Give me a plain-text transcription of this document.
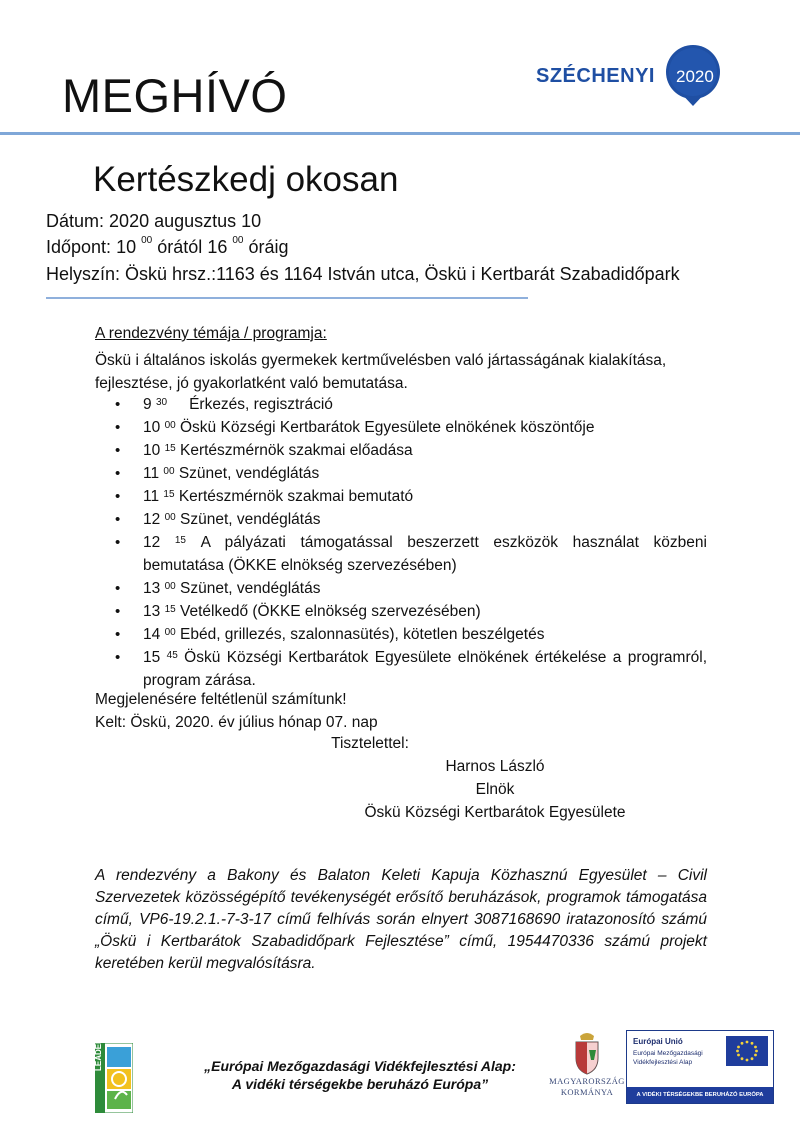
MEGHÍVÓ	SZÉCHENYI 2020
Kertészkedj okosan
Dátum: 2020 augusztus 10
Időpont: 10 $^{00}$ órától 16 $^{00}$ óráig
Helyszín: Öskü hrsz.:1163 és 1164 István utca, Öskü i Kertbarát Szabadidőpark
A rendezvény témája / programja:
Öskü i általános iskolás gyermekek kertművelésben való jártasságának kialakítása, fejlesztése, jó gyakorlatként való bemutatása.
• 9 $^{30}$ Érkezés, regisztráció
• 10 $^{00}$ Öskü Községi Kertbarátok Egyesülete elnökének köszöntője
• 10 $^{15}$ Kertészmérnök szakmai előadása
• 11 $^{00}$ Szünet, vendéglátás
• 11 $^{15}$ Kertészmérnök szakmai bemutató
• 12 $^{00}$ Szünet, vendéglátás
• 12 $^{15}$ A pályázati támogatással beszerzett eszközök használat közbeni bemutatása (ÖKKE elnökség szervezésében)
• 13 $^{00}$ Szünet, vendéglátás
• 13 $^{15}$ Vetélkedő (ÖKKE elnökség szervezésében)
• 14 $^{00}$ Ebéd, grillezés, szalonnasütés), kötetlen beszélgetés
• 15 $^{45}$ Öskü Községi Kertbarátok Egyesülete elnökének értékelése a programról, program zárása.
Megjelenésére feltétlenül számítunk!
Kelt: Öskü, 2020. év július hónap 07. nap
Tisztelettel:
Harnos László
Elnök
Öskü Községi Kertbarátok Egyesülete
A rendezvény a Bakony és Balaton Keleti Kapuja Közhasznú Egyesület – Civil Szervezetek közösségépítő tevékenységét erősítő beruházások, programok támogatása című, VP6-19.2.1.-7-3-17 című felhívás során elnyert 3087168690 iratazonosító számú „Öskü i Kertbarátok Szabadidőpark Fejlesztése” című, 1954470336 számú projekt keretében kerül megvalósításra.
LEADER	„Európai Mezőgazdasági Vidékfejlesztési Alap:
A vidéki térségekbe beruházó Európa”	MAGYARORSZÁG
KORMÁNYA
Európai Unió
Európai Mezőgazdasági
Vidékfejlesztési Alap
A VIDÉKI TÉRSÉGEKBE BERUHÁZÓ EURÓPA
